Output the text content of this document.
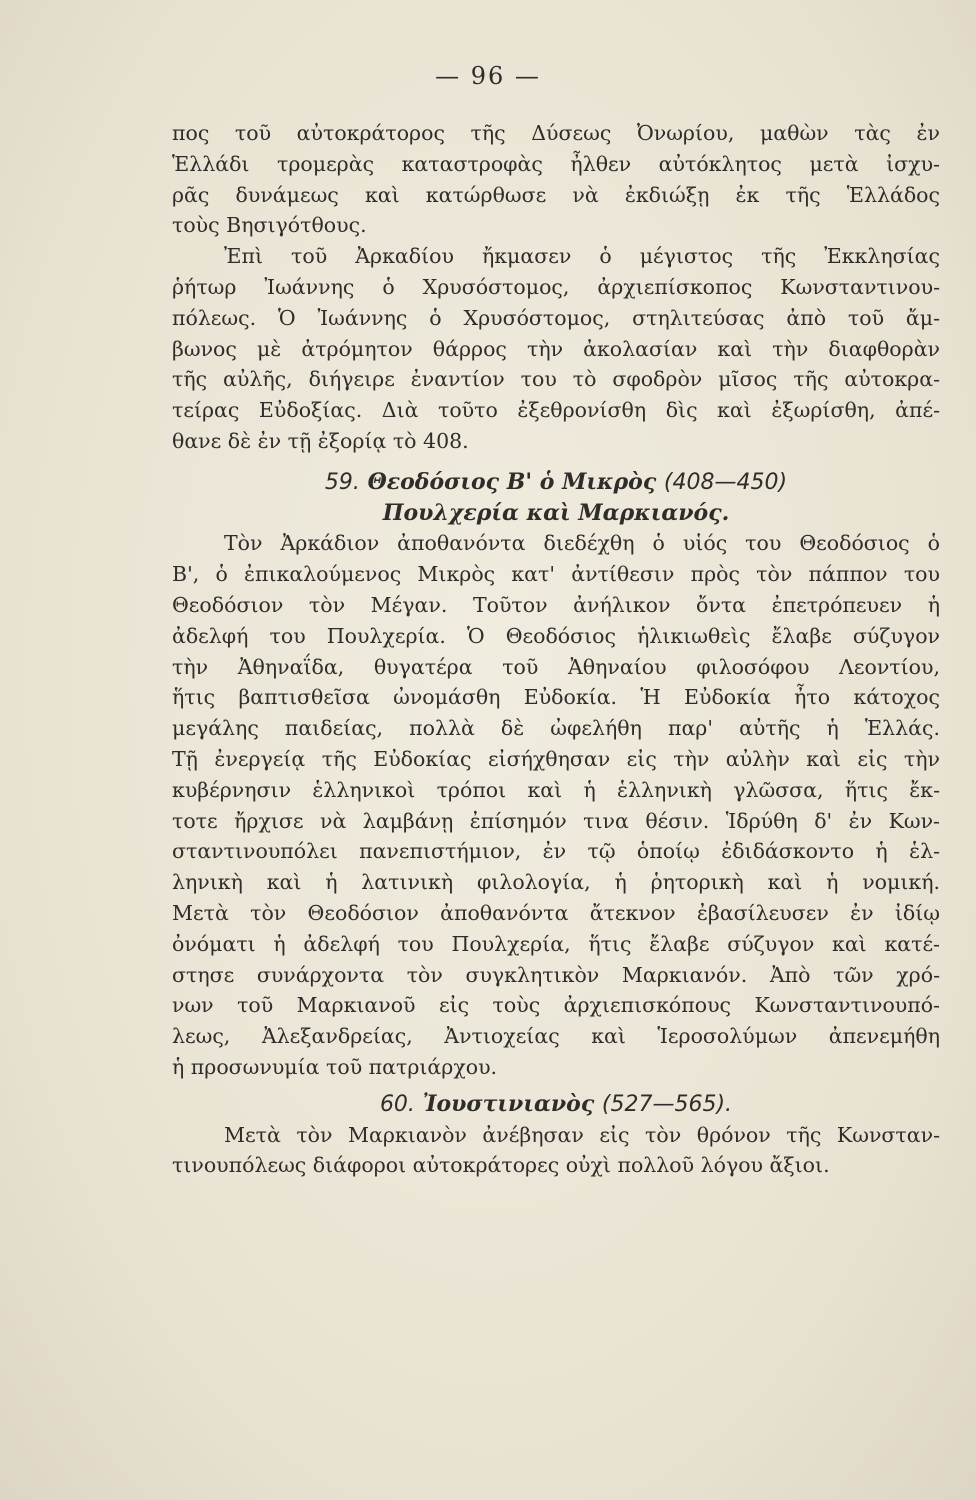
— 96 —
πος τοῦ αὐτοκράτορος τῆς Δύσεως Ὀνωρίου, μαθὼν τὰς ἐν
Ἑλλάδι τρομερὰς καταστροφὰς ἦλθεν αὐτόκλητος μετὰ ἰσχυ-
ρᾶς δυνάμεως καὶ κατώρθωσε νὰ ἐκδιώξῃ ἐκ τῆς Ἑλλάδος
τοὺς Βησιγότθους.
Ἐπὶ τοῦ Ἀρκαδίου ἤκμασεν ὁ μέγιστος τῆς Ἐκκλησίας
ῥήτωρ Ἰωάννης ὁ Χρυσόστομος, ἀρχιεπίσκοπος Κωνσταντινου-
πόλεως. Ὁ Ἰωάννης ὁ Χρυσόστομος, στηλιτεύσας ἀπὸ τοῦ ἄμ-
βωνος μὲ ἀτρόμητον θάρρος τὴν ἀκολασίαν καὶ τὴν διαφθορὰν
τῆς αὐλῆς, διήγειρε ἐναντίον του τὸ σφοδρὸν μῖσος τῆς αὐτοκρα-
τείρας Εὐδοξίας. Διὰ τοῦτο ἐξεθρονίσθη δὶς καὶ ἐξωρίσθη, ἀπέ-
θανε δὲ ἐν τῇ ἐξορίᾳ τὸ 408.
59. Θεοδόσιος Β' ὁ Μικρὸς (408—450)
Πουλχερία καὶ Μαρκιανός.
Τὸν Ἀρκάδιον ἀποθανόντα διεδέχθη ὁ υἱός του Θεοδόσιος ὁ
Β', ὁ ἐπικαλούμενος Μικρὸς κατ' ἀντίθεσιν πρὸς τὸν πάππον του
Θεοδόσιον τὸν Μέγαν. Τοῦτον ἀνήλικον ὄντα ἐπετρόπευεν ἡ
ἀδελφή του Πουλχερία. Ὁ Θεοδόσιος ἡλικιωθεὶς ἔλαβε σύζυγον
τὴν Ἀθηναΐδα, θυγατέρα τοῦ Ἀθηναίου φιλοσόφου Λεοντίου,
ἥτις βαπτισθεῖσα ὠνομάσθη Εὐδοκία. Ἡ Εὐδοκία ἦτο κάτοχος
μεγάλης παιδείας, πολλὰ δὲ ὠφελήθη παρ' αὐτῆς ἡ Ἑλλάς.
Τῇ ἐνεργείᾳ τῆς Εὐδοκίας εἰσήχθησαν εἰς τὴν αὐλὴν καὶ εἰς τὴν
κυβέρνησιν ἑλληνικοὶ τρόποι καὶ ἡ ἑλληνικὴ γλῶσσα, ἥτις ἔκ-
τοτε ἤρχισε νὰ λαμβάνῃ ἐπίσημόν τινα θέσιν. Ἱδρύθη δ' ἐν Κων-
σταντινουπόλει πανεπιστήμιον, ἐν τῷ ὁποίῳ ἐδιδάσκοντο ἡ ἑλ-
ληνικὴ καὶ ἡ λατινικὴ φιλολογία, ἡ ῥητορικὴ καὶ ἡ νομική.
Μετὰ τὸν Θεοδόσιον ἀποθανόντα ἄτεκνον ἐβασίλευσεν ἐν ἰδίῳ
ὀνόματι ἡ ἀδελφή του Πουλχερία, ἥτις ἔλαβε σύζυγον καὶ κατέ-
στησε συνάρχοντα τὸν συγκλητικὸν Μαρκιανόν. Ἀπὸ τῶν χρό-
νων τοῦ Μαρκιανοῦ εἰς τοὺς ἀρχιεπισκόπους Κωνσταντινουπό-
λεως, Ἀλεξανδρείας, Ἀντιοχείας καὶ Ἱεροσολύμων ἀπενεμήθη
ἡ προσωνυμία τοῦ πατριάρχου.
60. Ἰουστινιανὸς (527—565).
Μετὰ τὸν Μαρκιανὸν ἀνέβησαν εἰς τὸν θρόνον τῆς Κωνσταν-
τινουπόλεως διάφοροι αὐτοκράτορες οὐχὶ πολλοῦ λόγου ἄξιοι.
